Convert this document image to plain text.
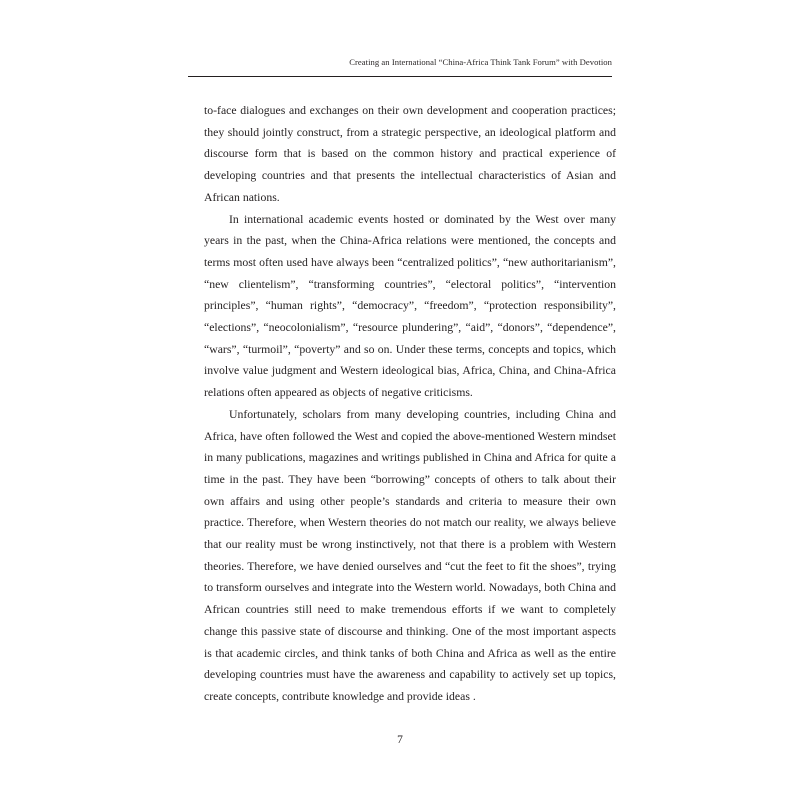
Creating an International “China-Africa Think Tank Forum” with Devotion

to-face dialogues and exchanges on their own development and cooperation practices; they should jointly construct, from a strategic perspective, an ideological platform and discourse form that is based on the common history and practical experience of developing countries and that presents the intellectual characteristics of Asian and African nations.

In international academic events hosted or dominated by the West over many years in the past, when the China-Africa relations were mentioned, the concepts and terms most often used have always been “centralized politics”, “new authoritarianism”, “new clientelism”, “transforming countries”, “electoral politics”, “intervention principles”, “human rights”, “democracy”, “freedom”, “protection responsibility”, “elections”, “neocolonialism”, “resource plundering”, “aid”, “donors”, “dependence”, “wars”, “turmoil”, “poverty” and so on. Under these terms, concepts and topics, which involve value judgment and Western ideological bias, Africa, China, and China-Africa relations often appeared as objects of negative criticisms.

Unfortunately, scholars from many developing countries, including China and Africa, have often followed the West and copied the above-mentioned Western mindset in many publications, magazines and writings published in China and Africa for quite a time in the past. They have been “borrowing” concepts of others to talk about their own affairs and using other people’s standards and criteria to measure their own practice. Therefore, when Western theories do not match our reality, we always believe that our reality must be wrong instinctively, not that there is a problem with Western theories. Therefore, we have denied ourselves and “cut the feet to fit the shoes”, trying to transform ourselves and integrate into the Western world. Nowadays, both China and African countries still need to make tremendous efforts if we want to completely change this passive state of discourse and thinking. One of the most important aspects is that academic circles, and think tanks of both China and Africa as well as the entire developing countries must have the awareness and capability to actively set up topics, create concepts, contribute knowledge and provide ideas .

7
